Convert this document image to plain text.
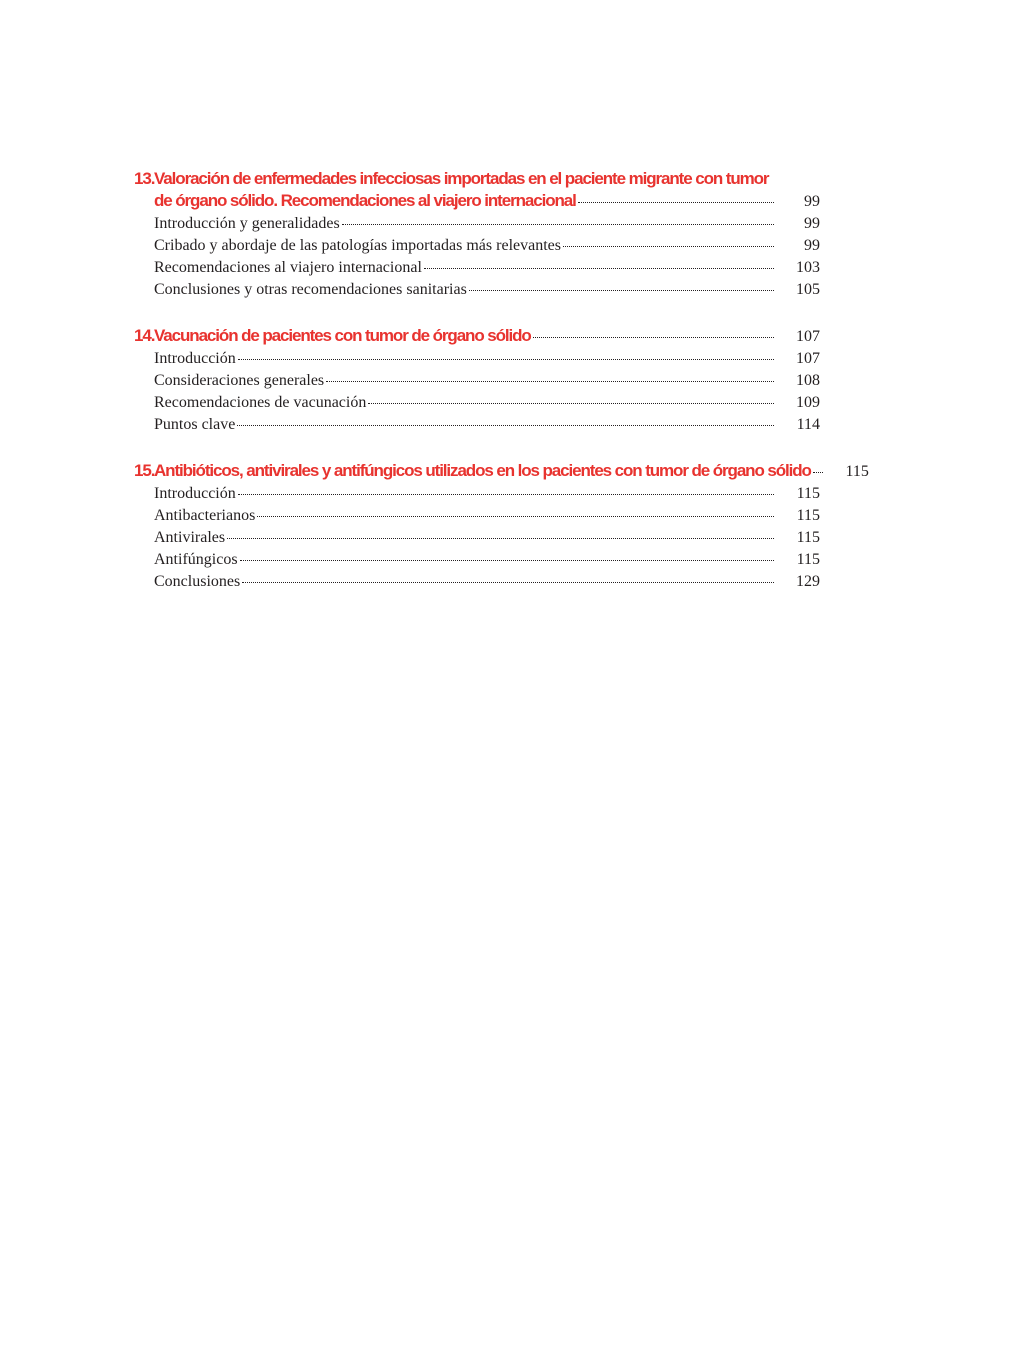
13. Valoración de enfermedades infecciosas importadas en el paciente migrante con tumor
de órgano sólido. Recomendaciones al viajero internacional	99
Introducción y generalidades	99
Cribado y abordaje de las patologías importadas más relevantes	99
Recomendaciones al viajero internacional	103
Conclusiones y otras recomendaciones sanitarias	105
14. Vacunación de pacientes con tumor de órgano sólido	107
Introducción	107
Consideraciones generales	108
Recomendaciones de vacunación	109
Puntos clave	114
15. Antibióticos, antivirales y antifúngicos utilizados en los pacientes con tumor de órgano sólido	115
Introducción	115
Antibacterianos	115
Antivirales	115
Antifúngicos	115
Conclusiones	129
